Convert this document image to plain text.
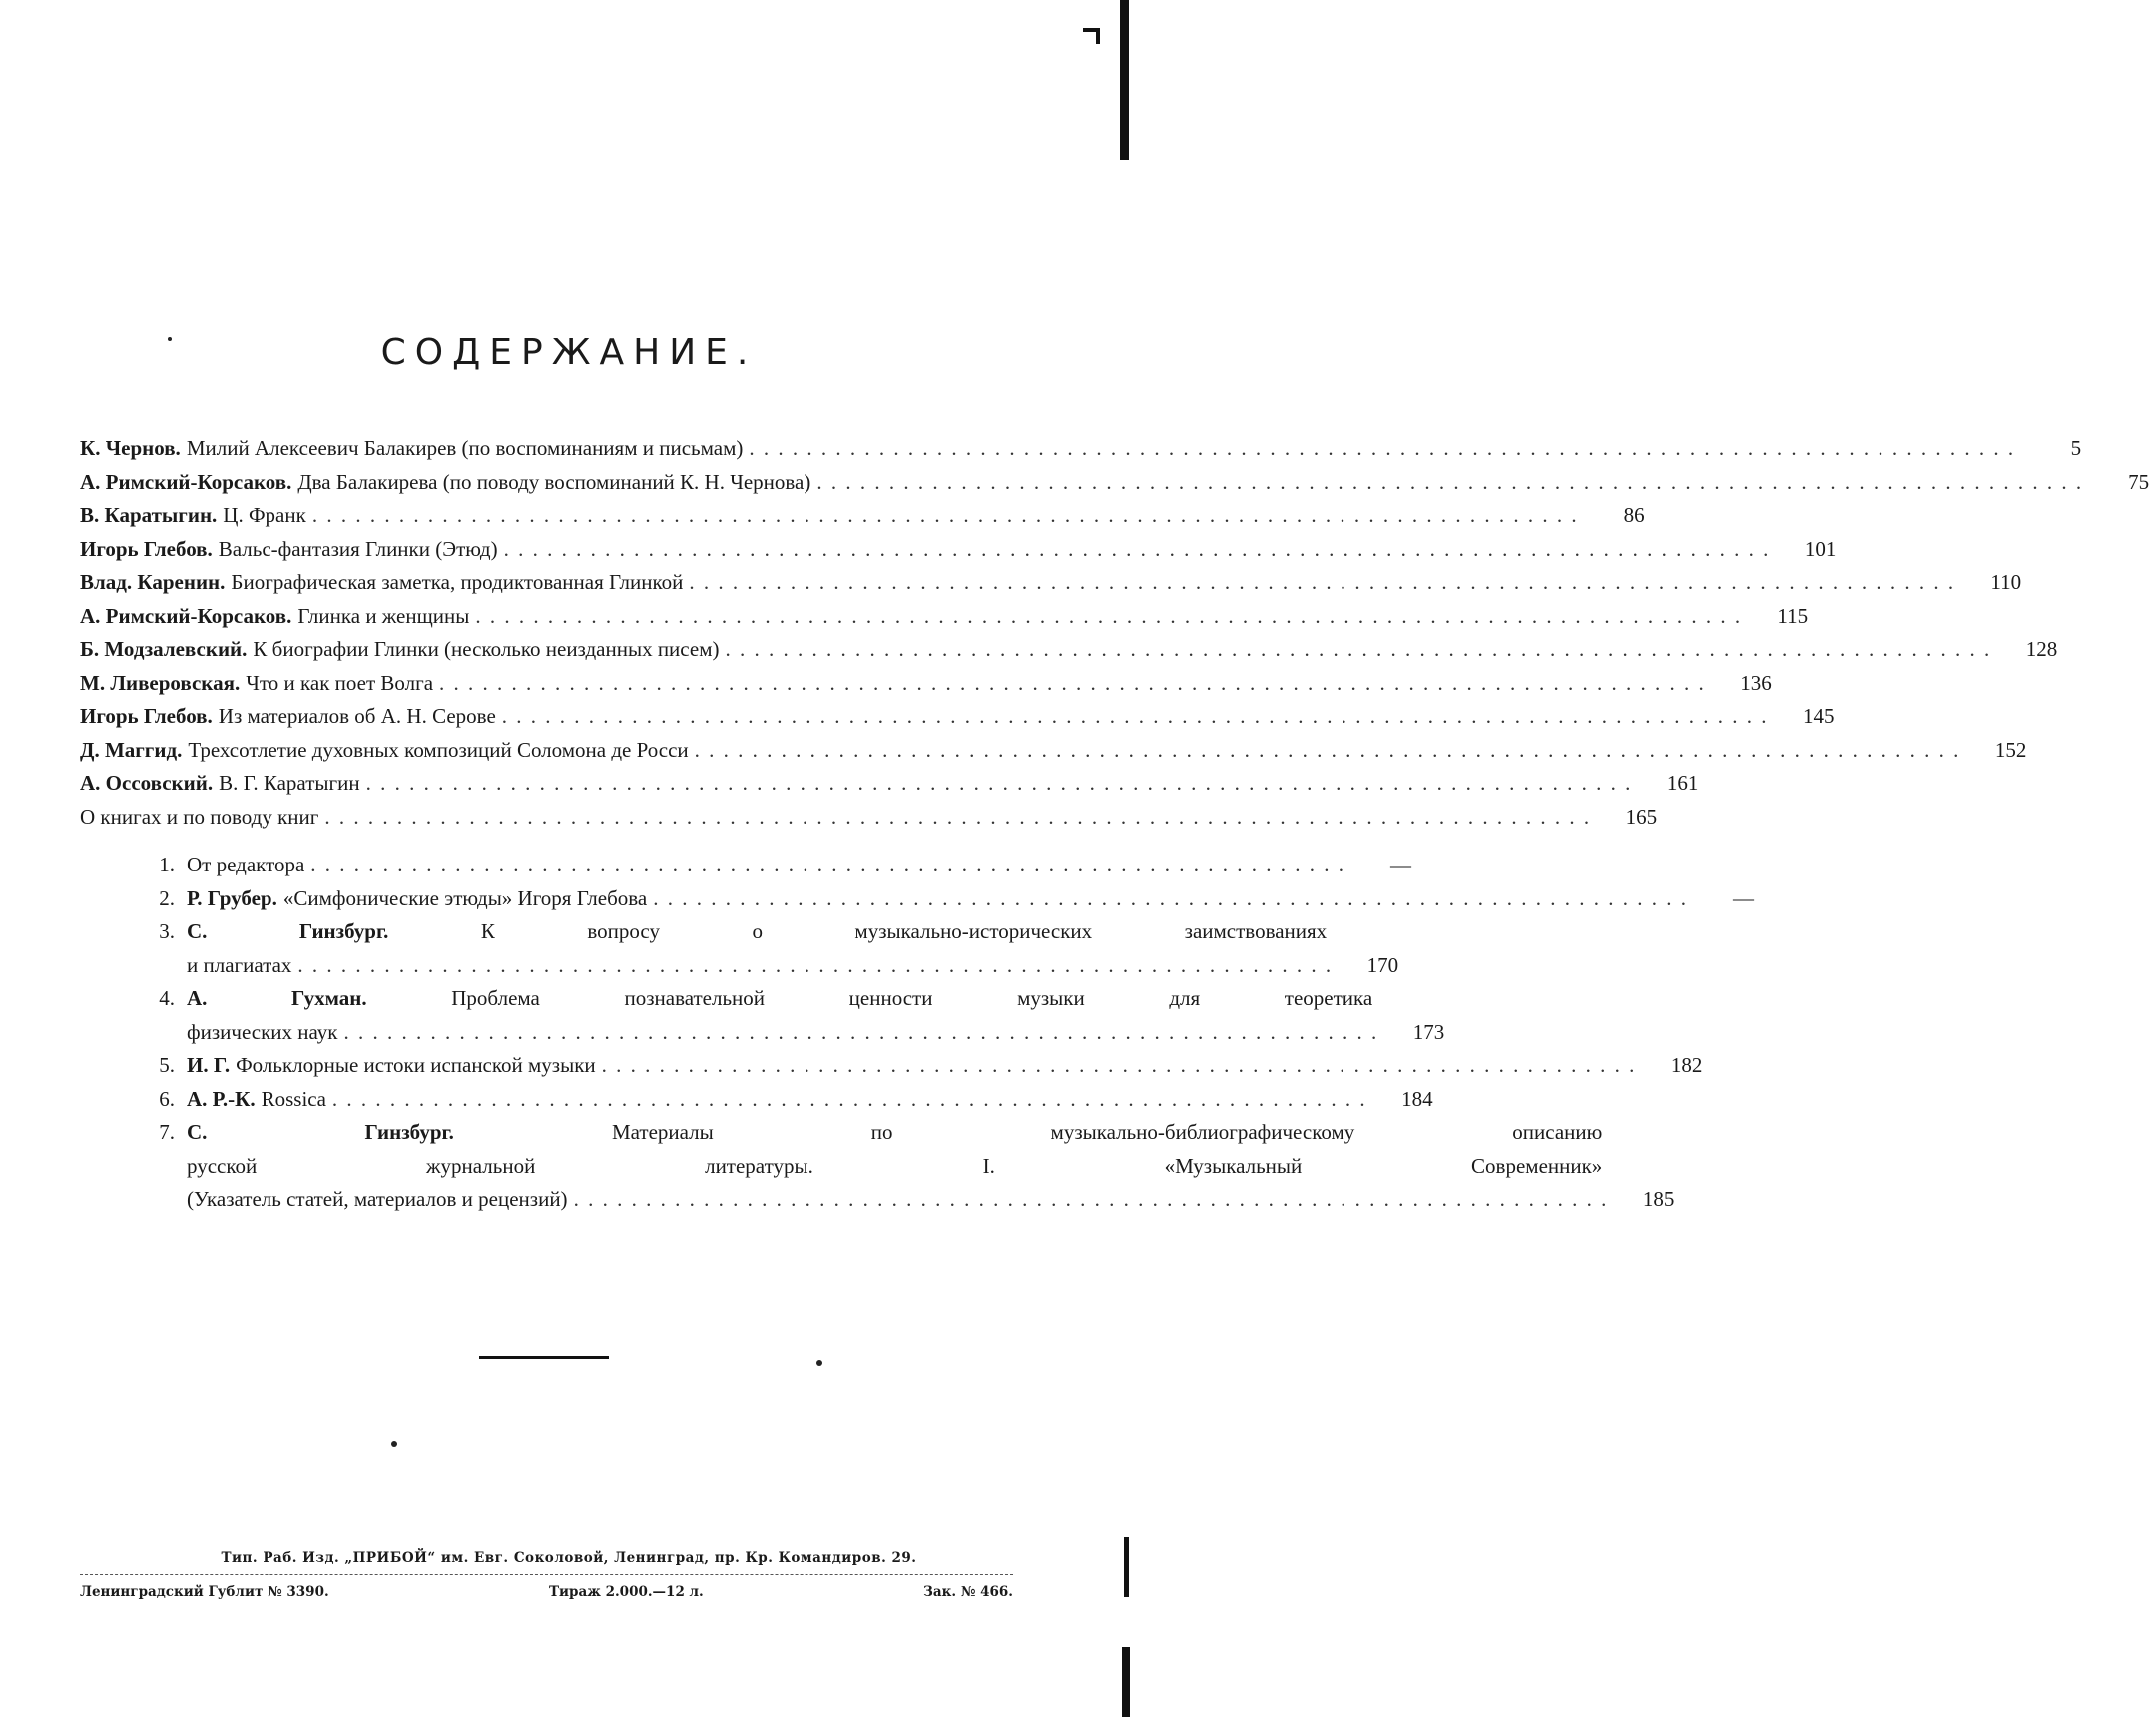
СОДЕРЖАНИЕ.
К. Чернов. Милий Алексеевич Балакирев (по воспоминаниям и письмам) . . .	5
А. Римский-Корсаков. Два Балакирева (по поводу воспоминаний К. Н. Чернова) . . .	75
В. Каратыгин. Ц. Франк . . .	86
Игорь Глебов. Вальс-фантазия Глинки (Этюд) . . .	101
Влад. Каренин. Биографическая заметка, продиктованная Глинкой . . .	110
А. Римский-Корсаков. Глинка и женщины . . .	115
Б. Модзалевский. К биографии Глинки (несколько неизданных писем) . . .	128
М. Ливеровская. Что и как поет Волга . . .	136
Игорь Глебов. Из материалов об А. Н. Серове . . .	145
Д. Маггид. Трехсотлетие духовных композиций Соломона де Росси . . .	152
А. Оссовский. В. Г. Каратыгин . . .	161
О книгах и по поводу книг . . .	165
1. От редактора . . .	—
2. Р. Грубер. «Симфонические этюды» Игоря Глебова . . .	—
3. С. Гинзбург.	К вопросу о музыкально-исторических заимствованиях
и плагиатах . . .	170
4. А. Гухман.	Проблема познавательной ценности музыки для теоретика
физических наук . . .	173
5. И. Г. Фольклорные истоки испанской музыки . . .	182
6. А. Р.-К. Rossica . . .	184
7. С. Гинзбург.	Материалы по музыкально-библиографическому описанию
русской журнальной литературы. I. «Музыкальный Современник»
(Указатель статей, материалов и рецензий) . . .	185
Тип. Раб. Изд. „ПРИБОЙ“ им. Евг. Соколовой, Ленинград, пр. Кр. Командиров. 29.
Ленинградский Гублит № 3390.	Тираж 2.000.—12 л.	Зак. № 466.
